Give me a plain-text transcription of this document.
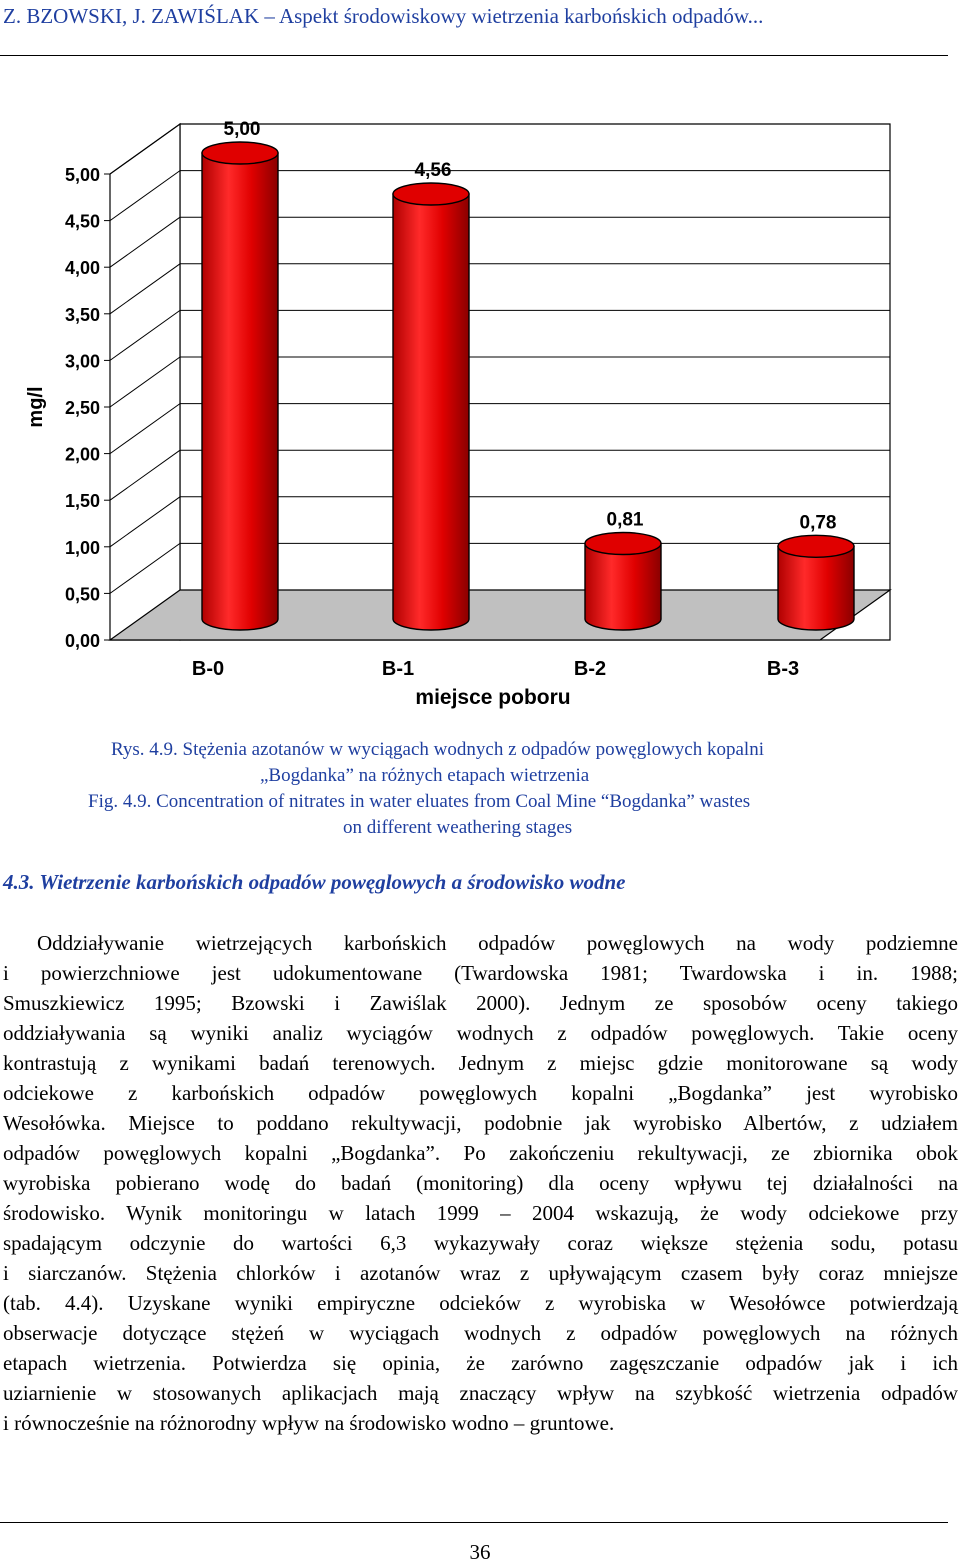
Z. BZOWSKI, J. ZAWIŚLAK – Aspekt środowiskowy wietrzenia karbońskich odpadów...
5,00
4,56
0,81	0,78
0,00
0,50
1,00
1,50
2,00
2,50
3,00
3,50
4,00
4,50
5,00
B-0	B-1	B-2	B-3
mg/l
miejsce poboru
Rys. 4.9. Stężenia azotanów w wyciągach wodnych z odpadów powęglowych kopalni
„Bogdanka” na różnych etapach wietrzenia
Fig. 4.9. Concentration of nitrates in water eluates from Coal Mine “Bogdanka” wastes
on different weathering stages
4.3. Wietrzenie karbońskich odpadów powęglowych a środowisko wodne
Oddziaływanie wietrzejących karbońskich odpadów powęglowych na wody podziemne
i powierzchniowe jest udokumentowane (Twardowska 1981; Twardowska i in. 1988;
Smuszkiewicz 1995; Bzowski i Zawiślak 2000). Jednym ze sposobów oceny takiego
oddziaływania są wyniki analiz wyciągów wodnych z odpadów powęglowych. Takie oceny
kontrastują z wynikami badań terenowych. Jednym z miejsc gdzie monitorowane są wody
odciekowe z karbońskich odpadów powęglowych kopalni „Bogdanka” jest wyrobisko
Wesołówka. Miejsce to poddano rekultywacji, podobnie jak wyrobisko Albertów, z udziałem
odpadów powęglowych kopalni „Bogdanka”. Po zakończeniu rekultywacji, ze zbiornika obok
wyrobiska pobierano wodę do badań (monitoring) dla oceny wpływu tej działalności na
środowisko. Wynik monitoringu w latach 1999 – 2004 wskazują, że wody odciekowe przy
spadającym odczynie do wartości 6,3 wykazywały coraz większe stężenia sodu, potasu
i siarczanów. Stężenia chlorków i azotanów wraz z upływającym czasem były coraz mniejsze
(tab. 4.4). Uzyskane wyniki empiryczne odcieków z wyrobiska w Wesołówce potwierdzają
obserwacje dotyczące stężeń w wyciągach wodnych z odpadów powęglowych na różnych
etapach wietrzenia. Potwierdza się opinia, że zarówno zagęszczanie odpadów jak i ich
uziarnienie w stosowanych aplikacjach mają znaczący wpływ na szybkość wietrzenia odpadów
i równocześnie na różnorodny wpływ na środowisko wodno – gruntowe.
36
